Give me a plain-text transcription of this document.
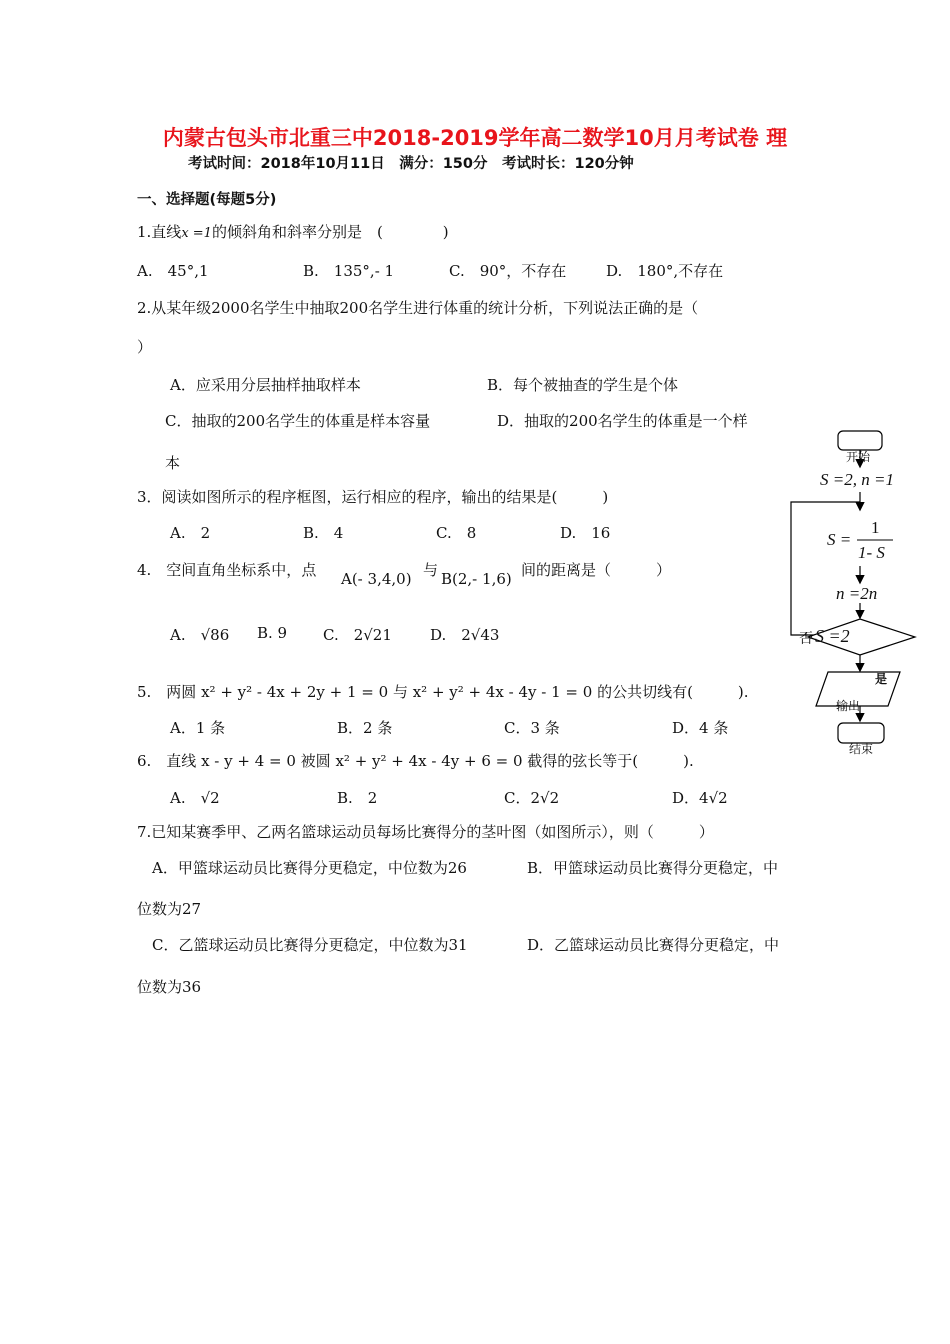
内蒙古包头市北重三中2018-2019学年高二数学10月月考试卷 理
考试时间：2018年10月11日　满分：150分　考试时长：120分钟
一、选择题(每题5分)
1.直线x =1的倾斜角和斜率分别是　(　　　　)
A.　45°,1	B.　135°,- 1	C.　90°，不存在	D.　180°,不存在
2.从某年级2000名学生中抽取200名学生进行体重的统计分析，下列说法正确的是（
）
A．应采用分层抽样抽取样本	B．每个被抽查的学生是个体
C．抽取的200名学生的体重是样本容量	D．抽取的200名学生的体重是一个样
本
3．阅读如图所示的程序框图，运行相应的程序，输出的结果是(　　　)
A.　2	B.　4	C.　8	D.　16
4.　空间直角坐标系中，点 A(- 3,4,0) 与 B(2,- 1,6) 间的距离是（　　　）
A.　√86 B. 9 C.　2√21	D.　2√43
5.　两圆 x² + y² - 4x + 2y + 1 = 0 与 x² + y² + 4x - 4y - 1 = 0 的公共切线有(　　　).
A．1 条	B．2 条	C．3 条	D．4 条
6.　直线 x - y + 4 = 0 被圆 x² + y² + 4x - 4y + 6 = 0 截得的弦长等于(　　　).
A.　√2	B.　2	C．2√2	D．4√2
7.已知某赛季甲、乙两名篮球运动员每场比赛得分的茎叶图（如图所示），则（　　　）
A．甲篮球运动员比赛得分更稳定，中位数为26	B．甲篮球运动员比赛得分更稳定，中
位数为27
C．乙篮球运动员比赛得分更稳定，中位数为31	D．乙篮球运动员比赛得分更稳定，中
位数为36
开始
S =2, n =1
S =
1
1- S
n =2n
否 S =2
是
输出
结束
